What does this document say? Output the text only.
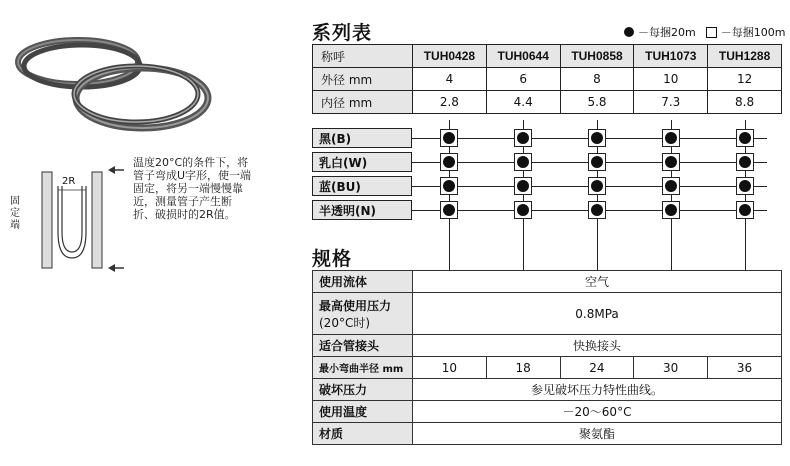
2R
固定端
温度20°C的条件下，将管子弯成U字形，使一端固定，将另一端慢慢靠近，测量管子产生断折、破损时的2R值。
系列表	－每捆20m －每捆100m
称呼	TUH0428	TUH0644	TUH0858	TUH1073	TUH1288
外径 mm	4	6	8	10	12
内径 mm	2.8	4.4	5.8	7.3	8.8
黑(B)
乳白(W)
蓝(BU)
半透明(N)
规格
使用流体	空气				

最高使用压力
(20°C时)	0.8MPa				
适合管接头	快换接头				
最小弯曲半径 mm	10	18	24	30	36
破坏压力	参见破坏压力特性曲线。				
使用温度	－20～60°C				
材质	聚氨酯				
